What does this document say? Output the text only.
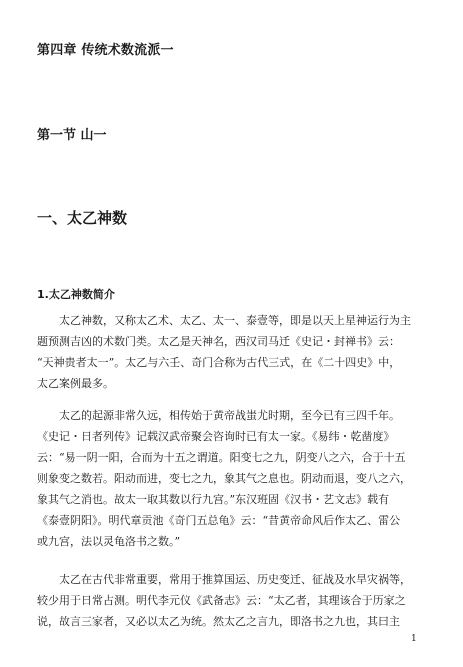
第四章 传统术数流派一
第一节 山一
一、太乙神数
1.太乙神数简介
　　太乙神数，又称太乙术、太乙、太一、泰壹等，即是以天上星神运行为主
题预测吉凶的术数门类。太乙是天神名，西汉司马迁《史记・封禅书》云：
“天神贵者太一”。太乙与六壬、奇门合称为古代三式，在《二十四史》中，
太乙案例最多。
　　太乙的起源非常久远，相传始于黄帝战蚩尤时期，至今已有三四千年。
《史记・日者列传》记载汉武帝聚会咨询时已有太一家。《易纬・乾凿度》
云：“易一阴一阳，合而为十五之谓道。阳变七之九，阴变八之六，合于十五
则象变之数若。阳动而进，变七之九，象其气之息也。阴动而退，变八之六，
象其气之消也。故太一取其数以行九宫。”东汉班固《汉书・艺文志》载有
《泰壹阴阳》。明代章贡池《奇门五总龟》云：“昔黄帝命风后作太乙、雷公
或九宫，法以灵龟洛书之数。”
　　太乙在古代非常重要，常用于推算国运、历史变迁、征战及水旱灾祸等，
较少用于日常占测。明代李元仪《武备志》云：“太乙者，其理该合于历家之
说，故言三家者，又必以太乙为统。然太乙之言九，即洛书之九也，其曰主
1
